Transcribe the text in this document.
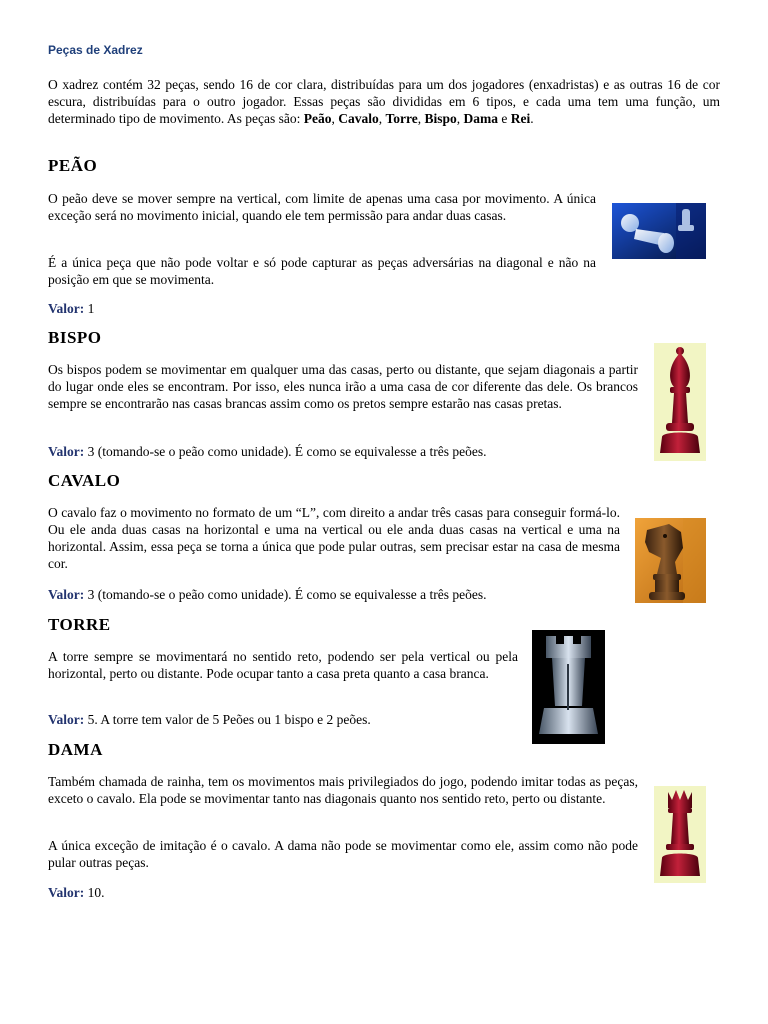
Peças de Xadrez

O xadrez contém 32 peças, sendo 16 de cor clara, distribuídas para um dos jogadores (enxadristas) e as outras 16 de cor escura, distribuídas para o outro jogador. Essas peças são divididas em 6 tipos, e cada uma tem uma função, um determinado tipo de movimento. As peças são: Peão, Cavalo, Torre, Bispo, Dama e Rei.

PEÃO

O peão deve se mover sempre na vertical, com limite de apenas uma casa por movimento. A única exceção será no movimento inicial, quando ele tem permissão para andar duas casas.

É a única peça que não pode voltar e só pode capturar as peças adversárias na diagonal e não na posição em que se movimenta.

Valor: 1

BISPO

Os bispos podem se movimentar em qualquer uma das casas, perto ou distante, que sejam diagonais a partir do lugar onde eles se encontram. Por isso, eles nunca irão a uma casa de cor diferente das dele. Os brancos sempre se encontrarão nas casas brancas assim como os pretos sempre estarão nas casas pretas.

Valor: 3 (tomando-se o peão como unidade). É como se equivalesse a três peões.

CAVALO

O cavalo faz o movimento no formato de um “L”, com direito a andar três casas para conseguir formá-lo. Ou ele anda duas casas na horizontal e uma na vertical ou ele anda duas casas na vertical e uma na horizontal. Assim, essa peça se torna a única que pode pular outras, sem precisar estar na casa de mesma cor.

Valor: 3 (tomando-se o peão como unidade). É como se equivalesse a três peões.

TORRE

A torre sempre se movimentará no sentido reto, podendo ser pela vertical ou pela horizontal, perto ou distante. Pode ocupar tanto a casa preta quanto a casa branca.

Valor: 5. A torre tem valor de 5 Peões ou 1 bispo e 2 peões.

DAMA

Também chamada de rainha, tem os movimentos mais privilegiados do jogo, podendo imitar todas as peças, exceto o cavalo. Ela pode se movimentar tanto nas diagonais quanto nos sentido reto, perto ou distante.

A única exceção de imitação é o cavalo. A dama não pode se movimentar como ele, assim como não pode pular outras peças.

Valor: 10.
